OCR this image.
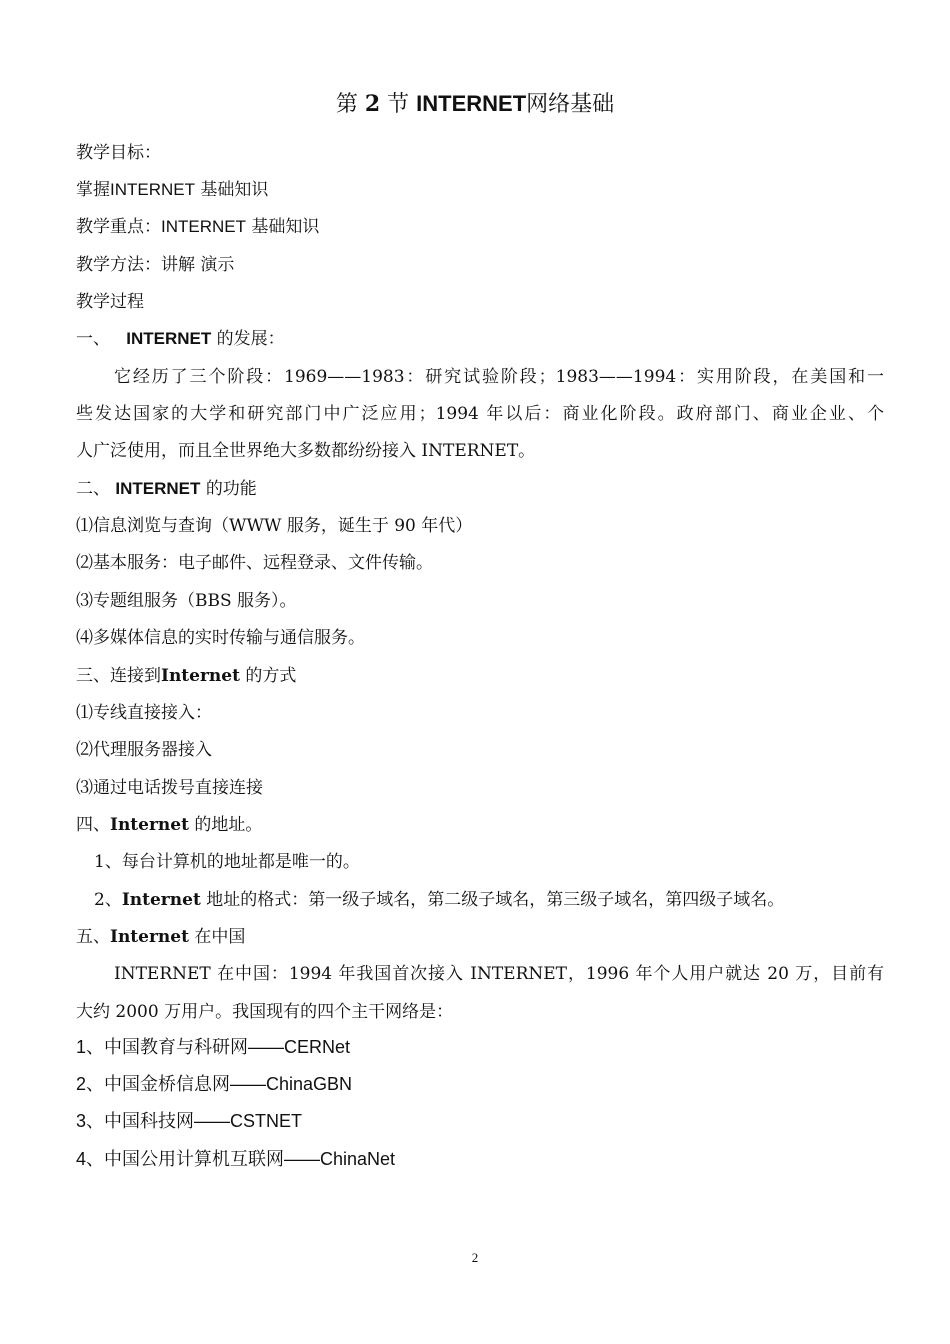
第 2 节 INTERNET网络基础
教学目标：
掌握INTERNET 基础知识
教学重点：INTERNET 基础知识
教学方法：讲解 演示
教学过程
一、 INTERNET 的发展：
它经历了三个阶段：1969——1983：研究试验阶段；1983——1994：实用阶段，在美国和一
些发达国家的大学和研究部门中广泛应用；1994 年以后：商业化阶段。政府部门、商业企业、个
人广泛使用，而且全世界绝大多数都纷纷接入 INTERNET。
二、 INTERNET 的功能
⑴信息浏览与查询（WWW 服务，诞生于 90 年代）
⑵基本服务：电子邮件、远程登录、文件传输。
⑶专题组服务（BBS 服务）。
⑷多媒体信息的实时传输与通信服务。
三、连接到Internet 的方式
⑴专线直接接入：
⑵代理服务器接入
⑶通过电话拨号直接连接
四、Internet 的地址。
1、每台计算机的地址都是唯一的。
2、Internet 地址的格式：第一级子域名，第二级子域名，第三级子域名，第四级子域名。
五、Internet 在中国
INTERNET 在中国：1994 年我国首次接入 INTERNET，1996 年个人用户就达 20 万，目前有
大约 2000 万用户。我国现有的四个主干网络是：
1、中国教育与科研网——CERNet
2、中国金桥信息网——ChinaGBN
3、中国科技网——CSTNET
4、中国公用计算机互联网——ChinaNet
2
